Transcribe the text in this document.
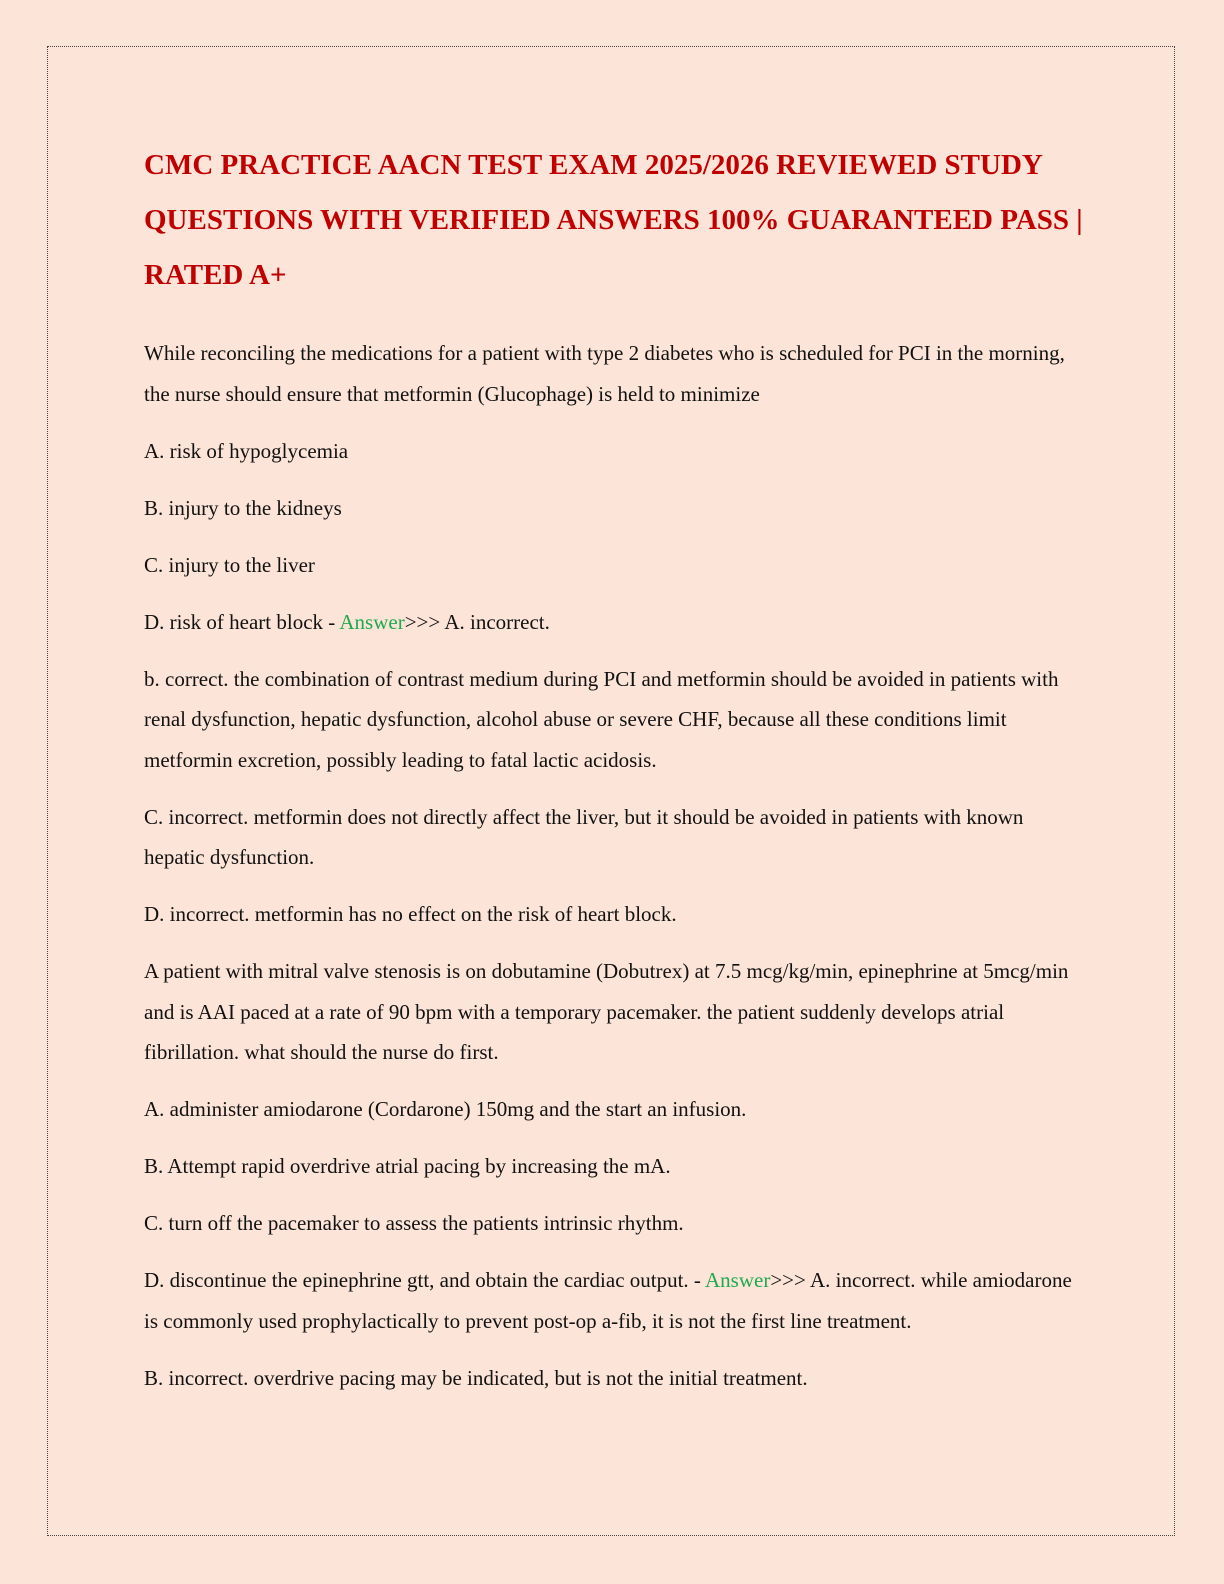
CMC PRACTICE AACN TEST EXAM 2025/2026 REVIEWED STUDY QUESTIONS WITH VERIFIED ANSWERS 100% GUARANTEED PASS | RATED A+

While reconciling the medications for a patient with type 2 diabetes who is scheduled for PCI in the morning, the nurse should ensure that metformin (Glucophage) is held to minimize

A. risk of hypoglycemia

B. injury to the kidneys

C. injury to the liver

D. risk of heart block - Answer>>> A. incorrect.

b. correct. the combination of contrast medium during PCI and metformin should be avoided in patients with renal dysfunction, hepatic dysfunction, alcohol abuse or severe CHF, because all these conditions limit metformin excretion, possibly leading to fatal lactic acidosis.

C. incorrect. metformin does not directly affect the liver, but it should be avoided in patients with known hepatic dysfunction.

D. incorrect. metformin has no effect on the risk of heart block.

A patient with mitral valve stenosis is on dobutamine (Dobutrex) at 7.5 mcg/kg/min, epinephrine at 5mcg/min and is AAI paced at a rate of 90 bpm with a temporary pacemaker. the patient suddenly develops atrial fibrillation. what should the nurse do first.

A. administer amiodarone (Cordarone) 150mg and the start an infusion.

B. Attempt rapid overdrive atrial pacing by increasing the mA.

C. turn off the pacemaker to assess the patients intrinsic rhythm.

D. discontinue the epinephrine gtt, and obtain the cardiac output. - Answer>>> A. incorrect. while amiodarone is commonly used prophylactically to prevent post-op a-fib, it is not the first line treatment.

B. incorrect. overdrive pacing may be indicated, but is not the initial treatment.
